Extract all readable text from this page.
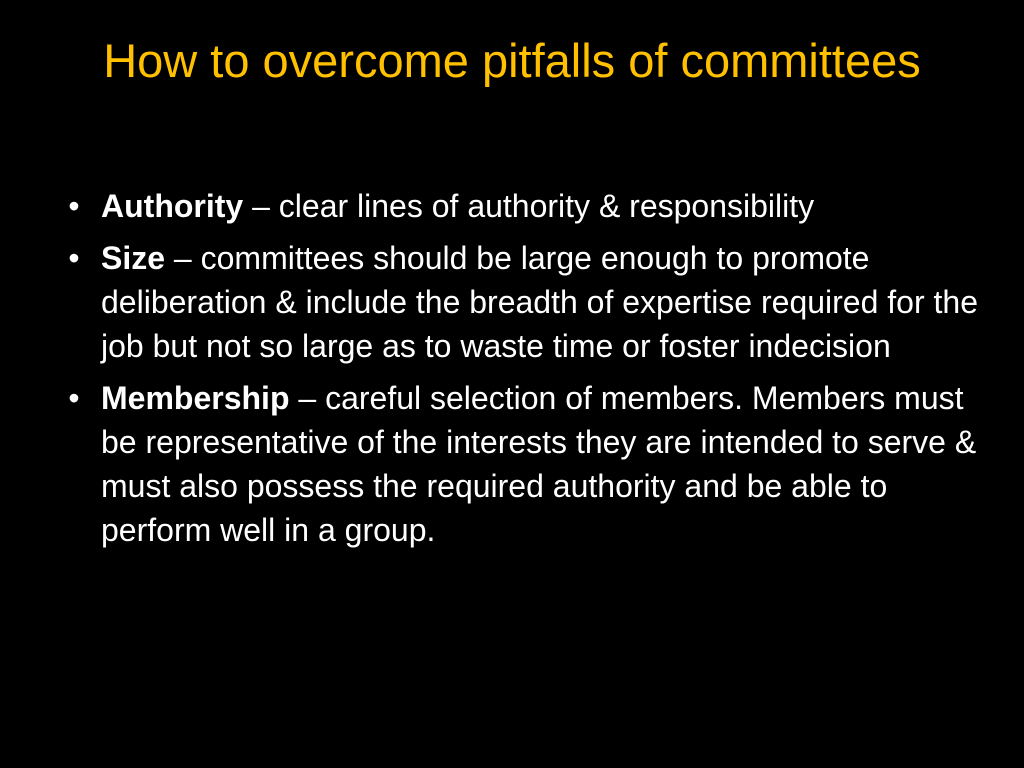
How to overcome pitfalls of committees
• Authority – clear lines of authority & responsibility
• Size – committees should be large enough to promote deliberation & include the breadth of expertise required for the job but not so large as to waste time or foster indecision
• Membership – careful selection of members. Members must be representative of the interests they are intended to serve & must also possess the required authority and be able to perform well in a group.
